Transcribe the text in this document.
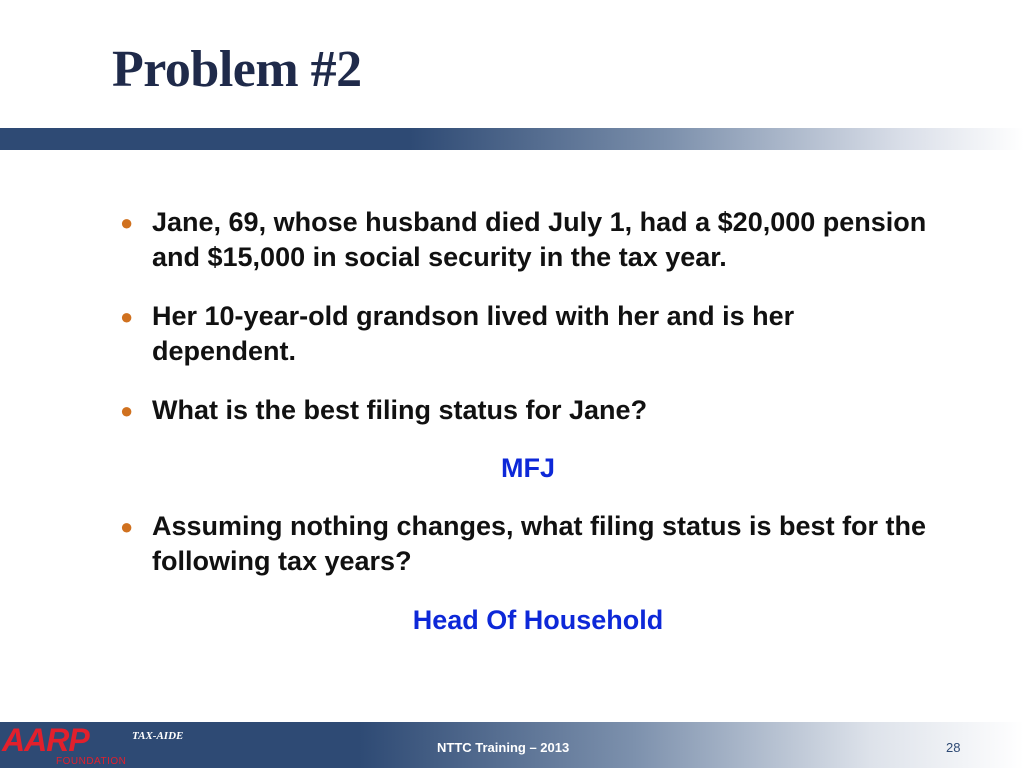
Problem #2
● Jane, 69, whose husband died July 1, had a $20,000 pension and $15,000 in social security in the tax year.
● Her 10-year-old grandson lived with her and is her dependent.
● What is the best filing status for Jane?
MFJ
● Assuming nothing changes, what filing status is best for the following tax years?
Head Of Household
AARP
FOUNDATION
TAX-AIDE
NTTC Training – 2013	28
